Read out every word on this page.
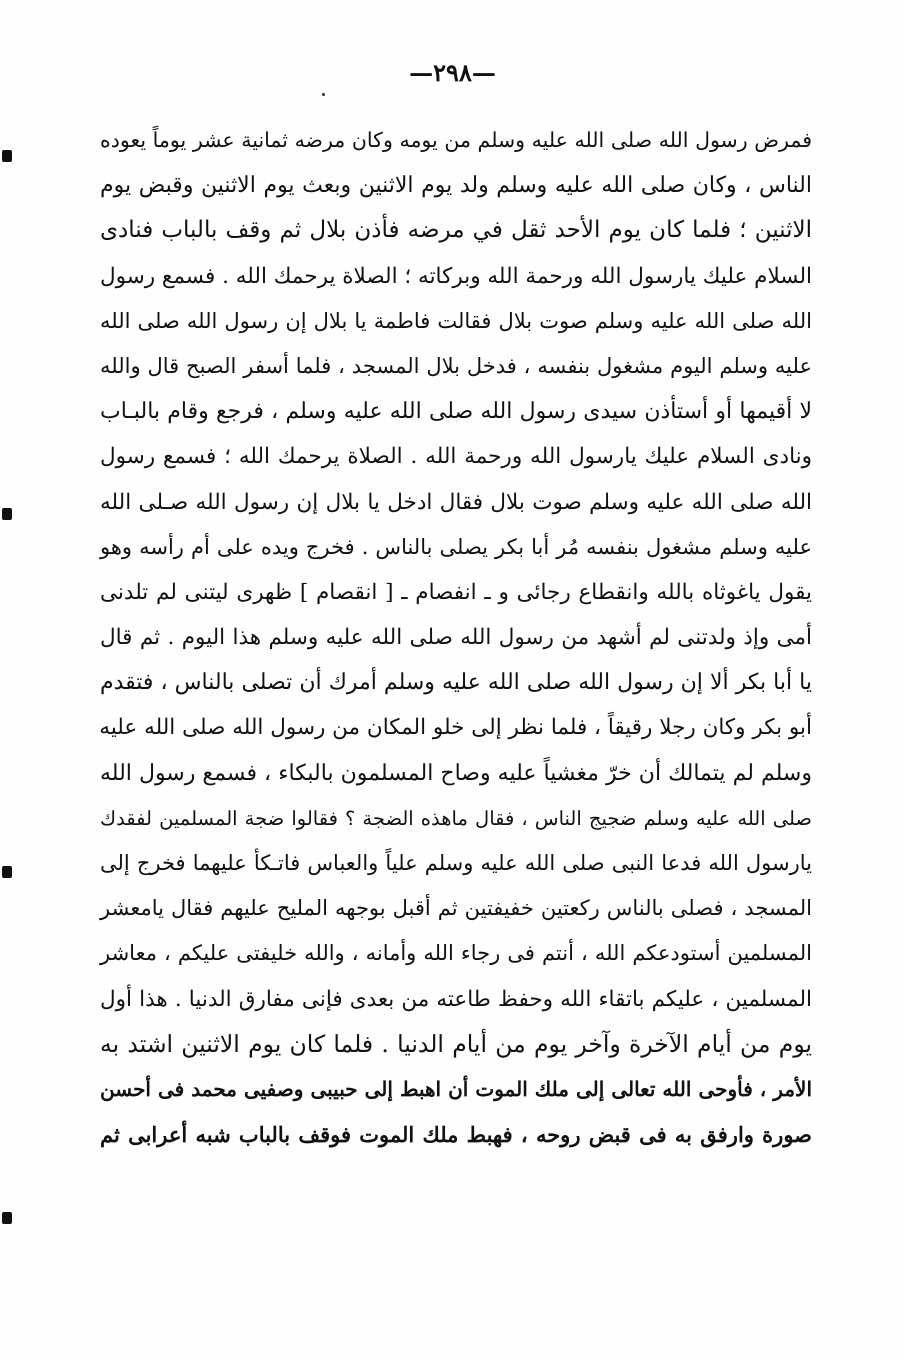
—٢٩٨—
فمرض رسول الله صلى الله عليه وسلم من يومه وكان مرضه ثمانية عشر يوماً يعوده
الناس ، وكان صلى الله عليه وسلم ولد يوم الاثنين وبعث يوم الاثنين وقبض يوم
الاثنين ؛ فلما كان يوم الأحد ثقل في مرضه فأذن بلال ثم وقف بالباب فنادى
السلام عليك يارسول الله ورحمة الله وبركاته ؛ الصلاة يرحمك الله . فسمع رسول
الله صلى الله عليه وسلم صوت بلال فقالت فاطمة يا بلال إن رسول الله صلى الله
عليه وسلم اليوم مشغول بنفسه ، فدخل بلال المسجد ، فلما أسفر الصبح قال والله
لا أقيمها أو أستأذن سيدى رسول الله صلى الله عليه وسلم ، فرجع وقام بالبـاب
ونادى السلام عليك يارسول الله ورحمة الله . الصلاة يرحمك الله ؛ فسمع رسول
الله صلى الله عليه وسلم صوت بلال فقال ادخل يا بلال إن رسول الله صـلى الله
عليه وسلم مشغول بنفسه مُر أبا بكر يصلى بالناس . فخرج ويده على أم رأسه وهو
يقول ياغوثاه بالله وانقطاع رجائى و ـ انفصام ـ [ انقصام ] ظهرى ليتنى لم تلدنى
أمى وإذ ولدتنى لم أشهد من رسول الله صلى الله عليه وسلم هذا اليوم . ثم قال
يا أبا بكر ألا إن رسول الله صلى الله عليه وسلم أمرك أن تصلى بالناس ، فتقدم
أبو بكر وكان رجلا رقيقاً ، فلما نظر إلى خلو المكان من رسول الله صلى الله عليه
وسلم لم يتمالك أن خرّ مغشياً عليه وصاح المسلمون بالبكاء ، فسمع رسول الله
صلى الله عليه وسلم ضجيج الناس ، فقال ماهذه الضجة ؟ فقالوا ضجة المسلمين لفقدك
يارسول الله فدعا النبى صلى الله عليه وسلم علياً والعباس فاتـكأ عليهما فخرج إلى
المسجد ، فصلى بالناس ركعتين خفيفتين ثم أقبل بوجهه المليح عليهم فقال يامعشر
المسلمين أستودعكم الله ، أنتم فى رجاء الله وأمانه ، والله خليفتى عليكم ، معاشر
المسلمين ، عليكم باتقاء الله وحفظ طاعته من بعدى فإنى مفارق الدنيا . هذا أول
يوم من أيام الآخرة وآخر يوم من أيام الدنيا . فلما كان يوم الاثنين اشتد به
الأمر ، فأوحى الله تعالى إلى ملك الموت أن اهبط إلى حبيبى وصفيى محمد فى أحسن
صورة وارفق به فى قبض روحه ، فهبط ملك الموت فوقف بالباب شبه أعرابى ثم
